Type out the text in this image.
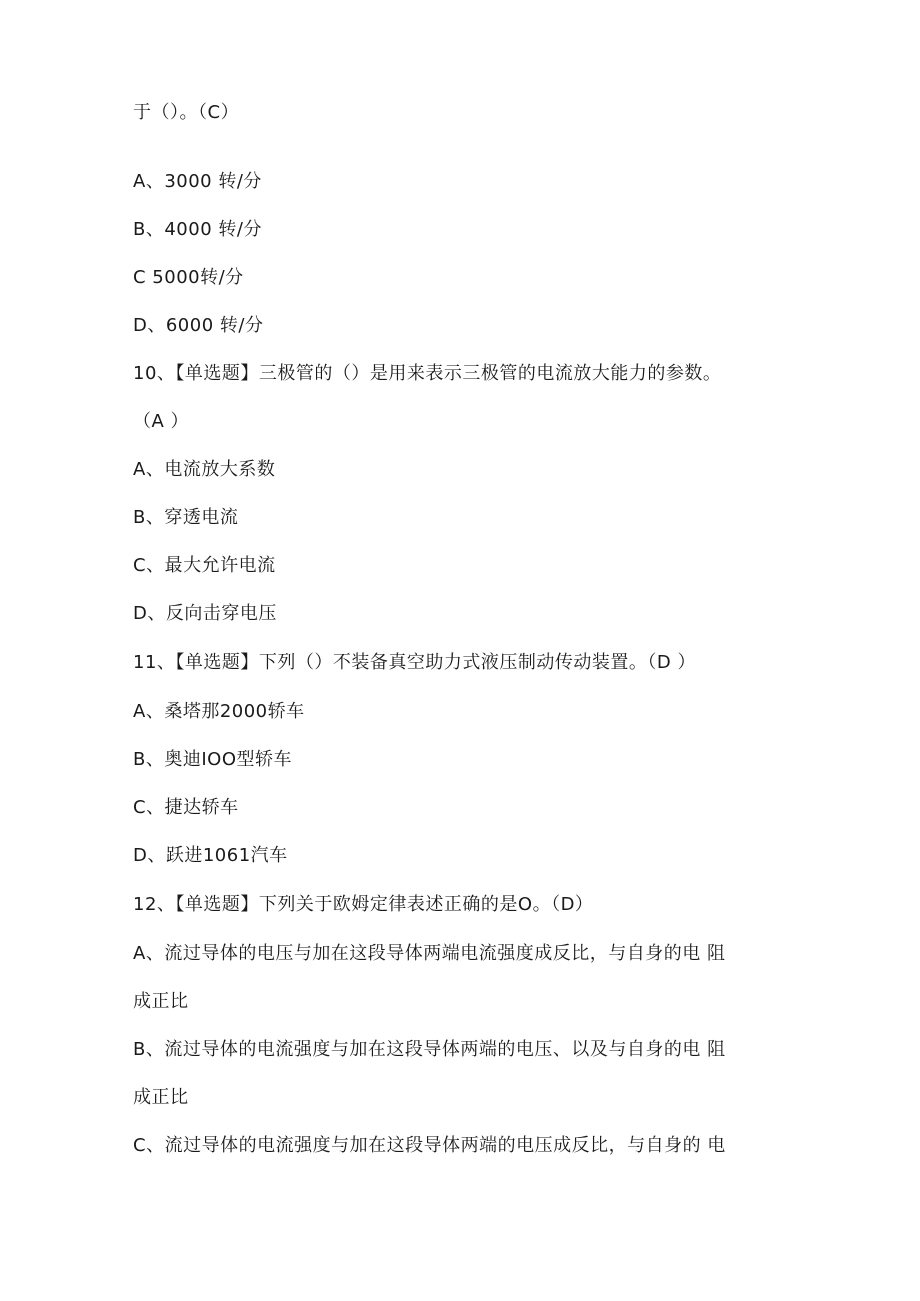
于（）。（C）
A、3000 转/分
B、4000 转/分
C 5000转/分
D、6000 转/分
10、【单选题】三极管的（）是用来表示三极管的电流放大能力的参数。
（A ）
A、电流放大系数
B、穿透电流
C、最大允许电流
D、反向击穿电压
11、【单选题】下列（）不装备真空助力式液压制动传动装置。（D ）
A、桑塔那2000轿车
B、奥迪IOO型轿车
C、捷达轿车
D、跃进1061汽车
12、【单选题】下列关于欧姆定律表述正确的是O。（D）
A、流过导体的电压与加在这段导体两端电流强度成反比，与自身的电 阻
成正比
B、流过导体的电流强度与加在这段导体两端的电压、以及与自身的电 阻
成正比
C、流过导体的电流强度与加在这段导体两端的电压成反比，与自身的 电
